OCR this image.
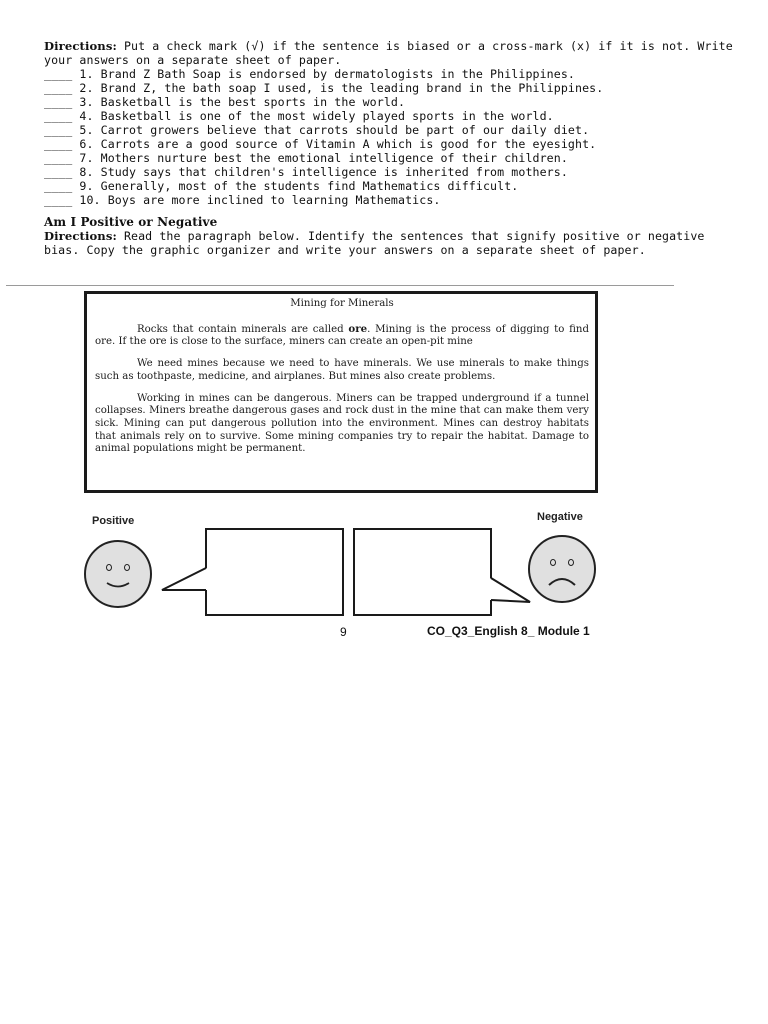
Directions: Put a check mark (√) if the sentence is biased or a cross-mark (x) if it is not. Write your answers on a separate sheet of paper.
____ 1. Brand Z Bath Soap is endorsed by dermatologists in the Philippines.
____ 2. Brand Z, the bath soap I used, is the leading brand in the Philippines.
____ 3. Basketball is the best sports in the world.
____ 4. Basketball is one of the most widely played sports in the world.
____ 5. Carrot growers believe that carrots should be part of our daily diet.
____ 6. Carrots are a good source of Vitamin A which is good for the eyesight.
____ 7. Mothers nurture best the emotional intelligence of their children.
____ 8. Study says that children's intelligence is inherited from mothers.
____ 9. Generally, most of the students find Mathematics difficult.
____ 10. Boys are more inclined to learning Mathematics.
Am I Positive or Negative
Directions: Read the paragraph below. Identify the sentences that signify positive or negative bias. Copy the graphic organizer and write your answers on a separate sheet of paper.
Mining for Minerals

Rocks that contain minerals are called ore. Mining is the process of digging to find ore. If the ore is close to the surface, miners can create an open-pit mine

We need mines because we need to have minerals. We use minerals to make things such as toothpaste, medicine, and airplanes. But mines also create problems.

Working in mines can be dangerous. Miners can be trapped underground if a tunnel collapses. Miners breathe dangerous gases and rock dust in the mine that can make them very sick. Mining can put dangerous pollution into the environment. Mines can destroy habitats that animals rely on to survive. Some mining companies try to repair the habitat. Damage to animal populations might be permanent.

Positive	Negative
9	CO_Q3_English 8_ Module 1
